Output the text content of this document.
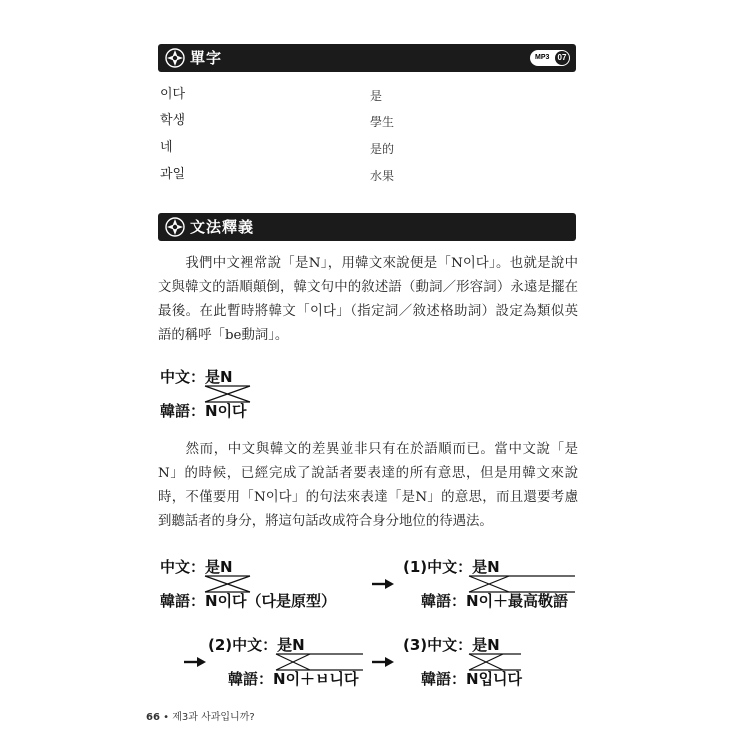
單字	MP3	07
이다	是
학생	學生
네	是的
과일	水果
文法釋義

我們中文裡常說「是N」，用韓文來說便是「N이다」。也就是說中文與韓文的語順顛倒，韓文句中的敘述語（動詞／形容詞）永遠是擺在最後。在此暫時將韓文「이다」（指定詞／敘述格助詞）設定為類似英語的稱呼「be動詞」。

中文：是N
韓語：N이다

然而，中文與韓文的差異並非只有在於語順而已。當中文說「是N」的時候，已經完成了說話者要表達的所有意思，但是用韓文來說時，不僅要用「N이다」的句法來表達「是N」的意思，而且還要考慮到聽話者的身分，將這句話改成符合身分地位的待遇法。

中文：是N
韓語：N이다（다是原型）
(1)中文：是N
韓語：N이＋最高敬語
(2)中文：是N
韓語：N이＋ㅂ니다
(3)中文：是N
韓語：N입니다
66 • 제3과 사과입니까?
